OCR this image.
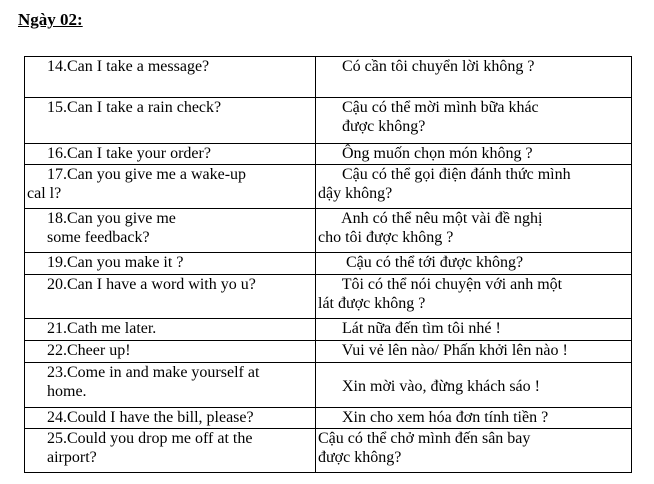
Ngày 02:
14.Can I take a message?	Có cần tôi chuyển lời không ?

15.Can I take a rain check?	Cậu có thể mời mình bữa khác
được không?

16.Can I take your order?	Ông muốn chọn món không ?

17.Can you give me a wake-up
cal l?	Cậu có thể gọi điện đánh thức mình
dậy không?

18.Can you give me
some feedback?	Anh có thể nêu một vài đề nghị
cho tôi được không ?

19.Can you make it ?	Cậu có thể tới được không?

20.Can I have a word with yo u?	Tôi có thể nói chuyện với anh một
lát được không ?

21.Cath me later.	Lát nữa đến tìm tôi nhé !

22.Cheer up!	Vui vẻ lên nào/ Phấn khởi lên nào !

23.Come in and make yourself at
home.	Xin mời vào, đừng khách sáo !

24.Could I have the bill, please?	Xin cho xem hóa đơn tính tiền ?

25.Could you drop me off at the
airport?	Cậu có thể chở mình đến sân bay
được không?
